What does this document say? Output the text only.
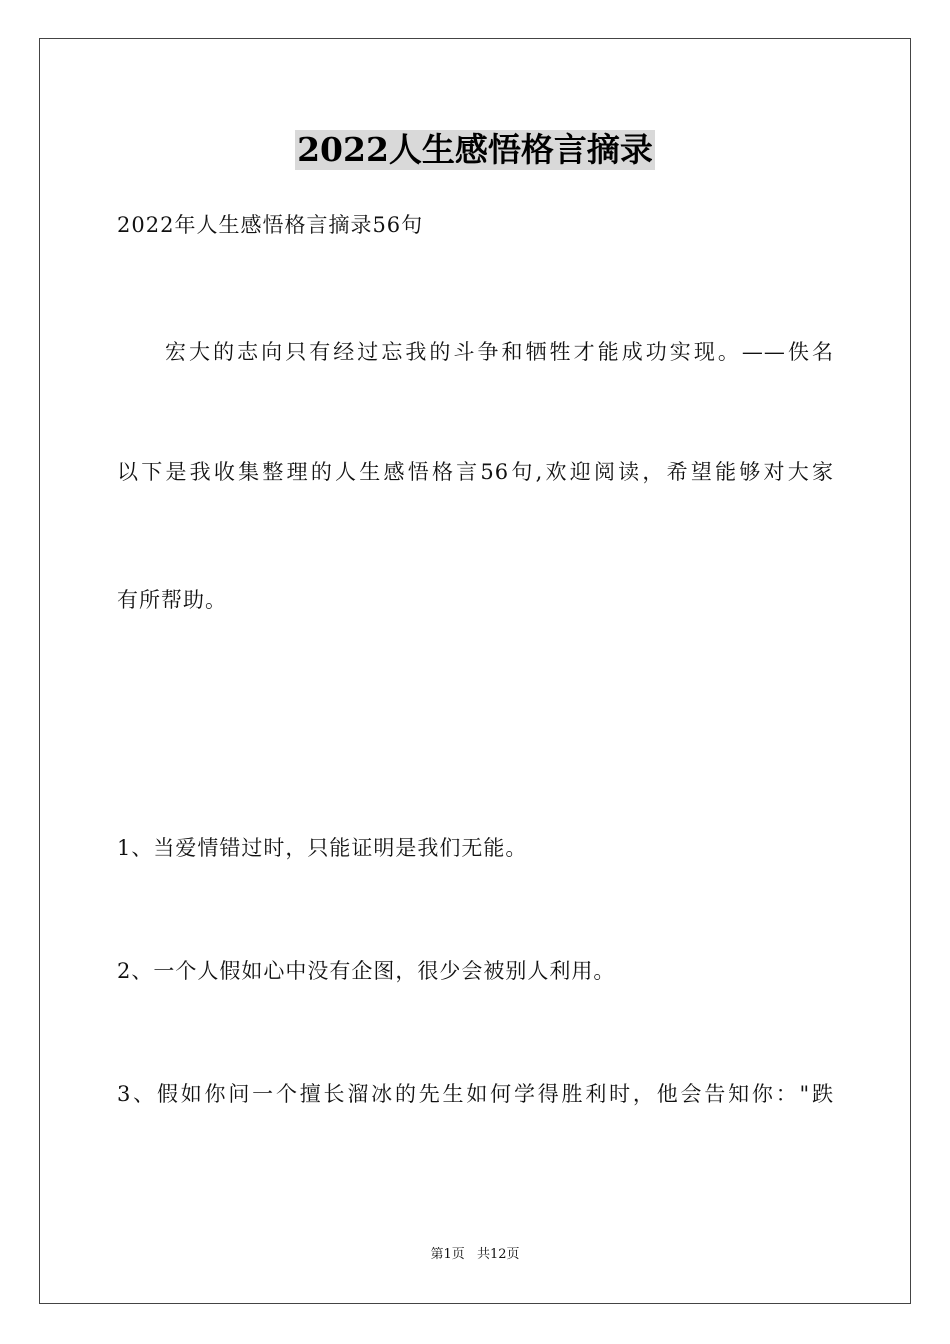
2022人生感悟格言摘录
2022年人生感悟格言摘录56句
宏大的志向只有经过忘我的斗争和牺牲才能成功实现。——佚名
以下是我收集整理的人生感悟格言56句,欢迎阅读，希望能够对大家
有所帮助。
1、当爱情错过时，只能证明是我们无能。
2、一个人假如心中没有企图，很少会被别人利用。
3、假如你问一个擅长溜冰的先生如何学得胜利时，他会告知你："跌
第1页 共12页
